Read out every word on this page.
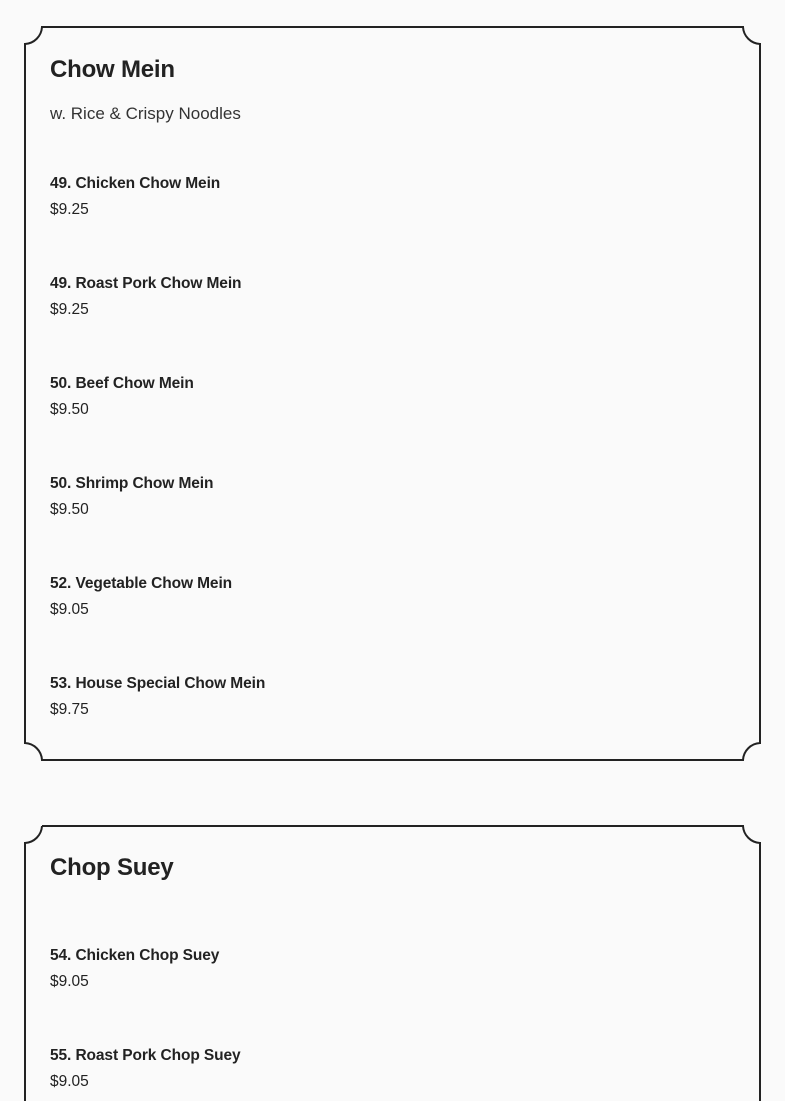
Chow Mein

w. Rice & Crispy Noodles

49. Chicken Chow Mein
$9.25
49. Roast Pork Chow Mein
$9.25
50. Beef Chow Mein
$9.50
50. Shrimp Chow Mein
$9.50
52. Vegetable Chow Mein
$9.05
53. House Special Chow Mein
$9.75
Chop Suey
54. Chicken Chop Suey
$9.05
55. Roast Pork Chop Suey
$9.05
